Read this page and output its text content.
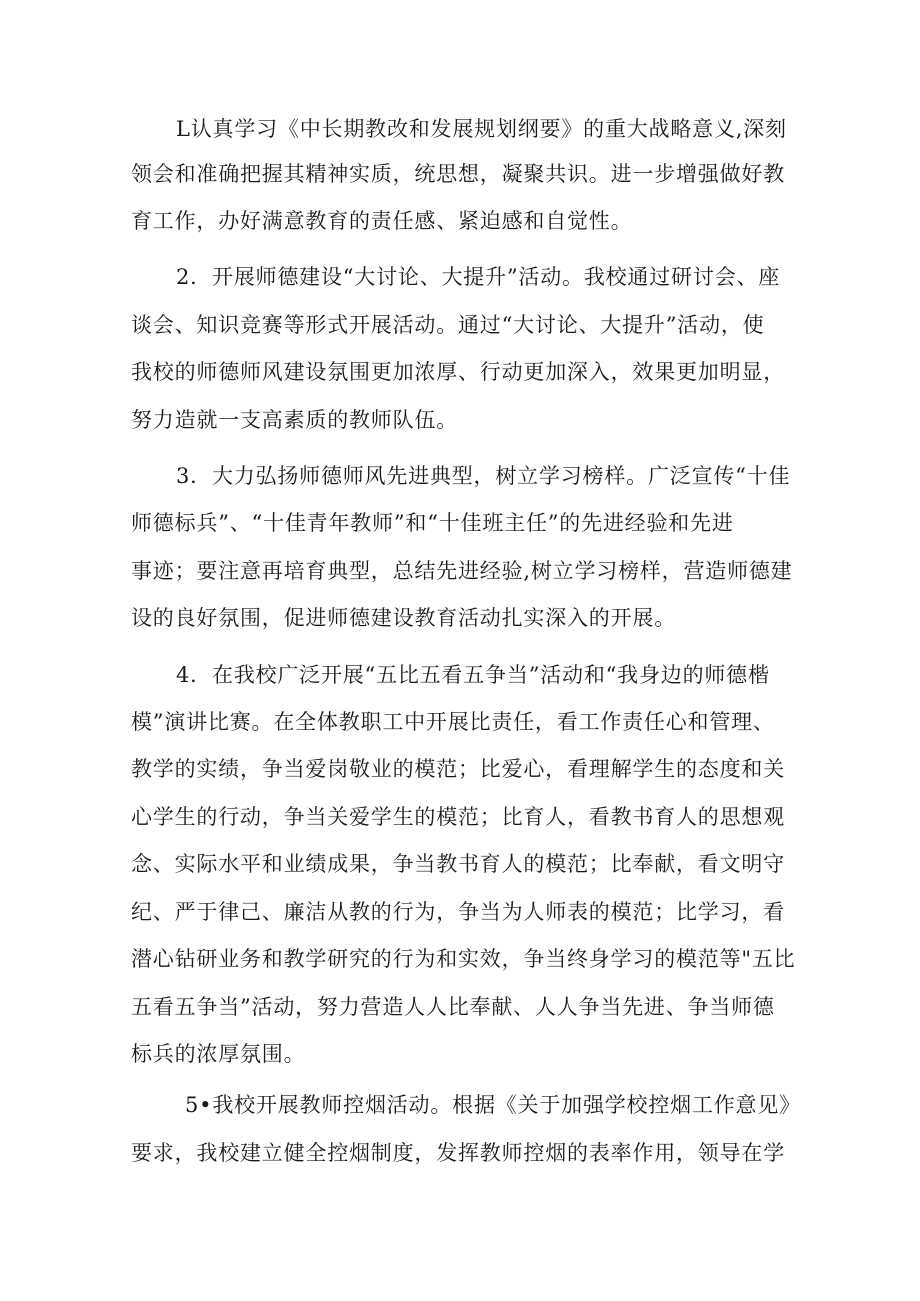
L认真学习《中长期教改和发展规划纲要》的重大战略意义,深刻
领会和准确把握其精神实质，统思想，凝聚共识。进一步增强做好教
育工作，办好满意教育的责任感、紧迫感和自觉性。
2．开展师德建设“大讨论、大提升”活动。我校通过研讨会、座
谈会、知识竞赛等形式开展活动。通过“大讨论、大提升”活动，使
我校的师德师风建设氛围更加浓厚、行动更加深入，效果更加明显，
努力造就一支高素质的教师队伍。
3．大力弘扬师德师风先进典型，树立学习榜样。广泛宣传“十佳
师德标兵”、“十佳青年教师”和“十佳班主任”的先进经验和先进
事迹；要注意再培育典型，总结先进经验,树立学习榜样，营造师德建
设的良好氛围，促进师德建设教育活动扎实深入的开展。
4．在我校广泛开展“五比五看五争当”活动和“我身边的师德楷
模”演讲比赛。在全体教职工中开展比责任，看工作责任心和管理、
教学的实绩，争当爱岗敬业的模范；比爱心，看理解学生的态度和关
心学生的行动，争当关爱学生的模范；比育人，看教书育人的思想观
念、实际水平和业绩成果，争当教书育人的模范；比奉献，看文明守
纪、严于律己、廉洁从教的行为，争当为人师表的模范；比学习，看
潜心钻研业务和教学研究的行为和实效，争当终身学习的模范等"五比
五看五争当”活动，努力营造人人比奉献、人人争当先进、争当师德
标兵的浓厚氛围。
5•我校开展教师控烟活动。根据《关于加强学校控烟工作意见》
要求，我校建立健全控烟制度，发挥教师控烟的表率作用，领导在学
